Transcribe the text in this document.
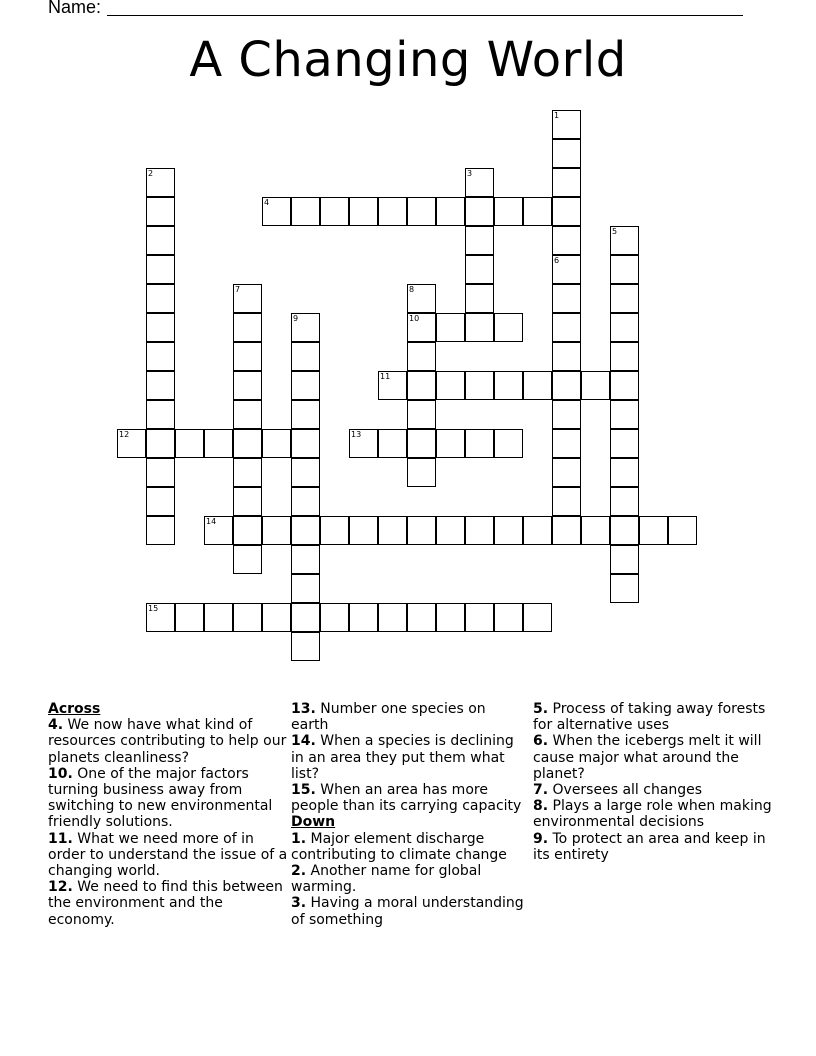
Name:
A Changing World
1
6
2	3
4
5
7	8
10
9
11
12	13
14
15

Across

4. We now have what kind of resources contributing to help our planets cleanliness?

10. One of the major factors turning business away from switching to new environmental friendly solutions.

11. What we need more of in order to understand the issue of a changing world.

12. We need to find this between the environment and the economy.

13. Number one species on earth

14. When a species is declining in an area they put them what list?

15. When an area has more people than its carrying capacity

Down

1. Major element discharge contributing to climate change

2. Another name for global warming.

3. Having a moral understanding of something

5. Process of taking away forests for alternative uses

6. When the icebergs melt it will cause major what around the planet?

7. Oversees all changes

8. Plays a large role when making environmental decisions

9. To protect an area and keep in its entirety
